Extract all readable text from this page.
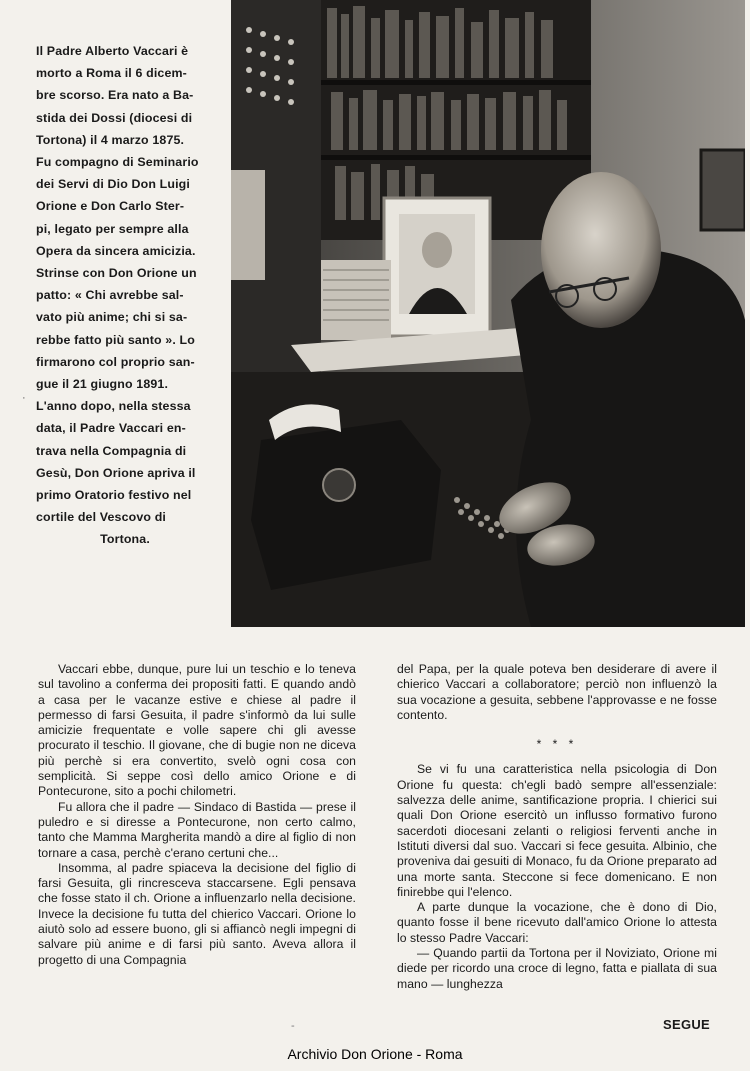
Il Padre Alberto Vaccari è
morto a Roma il 6 dicem-
bre scorso. Era nato a Ba-
stida dei Dossi (diocesi di
Tortona) il 4 marzo 1875.
Fu compagno di Seminario
dei Servi di Dio Don Luigi
Orione e Don Carlo Ster-
pi, legato per sempre alla
Opera da sincera amicizia.
Strinse con Don Orione un
patto: « Chi avrebbe sal-
vato più anime; chi si sa-
rebbe fatto più santo ». Lo
firmarono col proprio san-
gue il 21 giugno 1891.
L'anno dopo, nella stessa
data, il Padre Vaccari en-
trava nella Compagnia di
Gesù, Don Orione apriva il
primo Oratorio festivo nel
cortile del Vescovo di
Tortona.
·

Vaccari ebbe, dunque, pure lui un teschio e lo teneva sul tavolino a conferma dei propositi fatti. E quando andò a casa per le vacanze estive e chiese al padre il permesso di farsi Gesuita, il padre s'informò da lui sulle amicizie frequentate e volle sapere chi gli avesse procurato il teschio. Il giovane, che di bugie non ne diceva più perchè si era convertito, svelò ogni cosa con semplicità. Si seppe così dello amico Orione e di Pontecurone, sito a pochi chilometri.

Fu allora che il padre — Sindaco di Bastida — prese il puledro e si diresse a Pontecurone, non certo calmo, tanto che Mamma Margherita mandò a dire al figlio di non tornare a casa, perchè c'erano certuni che...

Insomma, al padre spiaceva la decisione del figlio di farsi Gesuita, gli rincresceva staccarsene. Egli pensava che fosse stato il ch. Orione a influenzarlo nella decisione. Invece la decisione fu tutta del chierico Vaccari. Orione lo aiutò solo ad essere buono, gli si affiancò negli impegni di salvare più anime e di farsi più santo. Aveva allora il progetto di una Compagnia

del Papa, per la quale poteva ben desiderare di avere il chierico Vaccari a collaboratore; perciò non influenzò la sua vocazione a gesuita, sebbene l'approvasse e ne fosse contento.

* * *

Se vi fu una caratteristica nella psicologia di Don Orione fu questa: ch'egli badò sempre all'essenziale: salvezza delle anime, santificazione propria. I chierici sui quali Don Orione esercitò un influsso formativo furono sacerdoti diocesani zelanti o religiosi ferventi anche in Istituti diversi dal suo. Vaccari si fece gesuita. Albinio, che proveniva dai gesuiti di Monaco, fu da Orione preparato ad una morte santa. Steccone si fece domenicano. E non finirebbe qui l'elenco.

A parte dunque la vocazione, che è dono di Dio, quanto fosse il bene ricevuto dall'amico Orione lo attesta lo stesso Padre Vaccari:

— Quando partii da Tortona per il Noviziato, Orione mi diede per ricordo una croce di legno, fatta e piallata di sua mano — lunghezza

-	SEGUE
Archivio Don Orione - Roma
